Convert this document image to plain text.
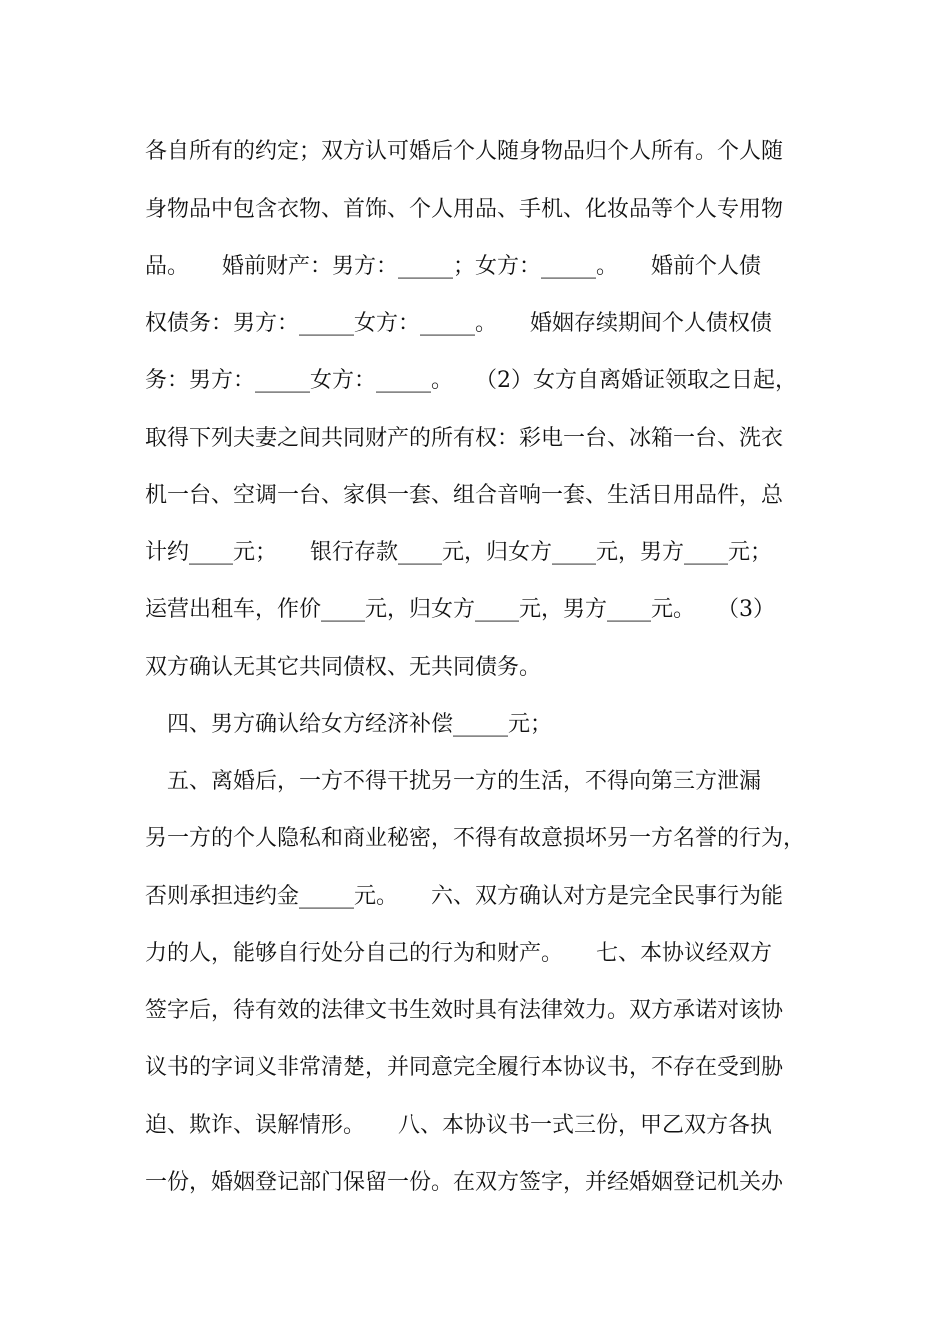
各自所有的约定；双方认可婚后个人随身物品归个人所有。个人随

身物品中包含衣物、首饰、个人用品、手机、化妆品等个人专用物

品。　　婚前财产：男方：_____；女方：_____。　　婚前个人债

权债务：男方：_____女方：_____。　　婚姻存续期间个人债权债

务：男方：_____女方：_____。　　（2）女方自离婚证领取之日起，

取得下列夫妻之间共同财产的所有权：彩电一台、冰箱一台、洗衣

机一台、空调一台、家俱一套、组合音响一套、生活日用品件，总

计约____元；　　银行存款____元，归女方____元，男方____元；

运营出租车，作价____元，归女方____元，男方____元。　　（3）

双方确认无其它共同债权、无共同债务。

　四、男方确认给女方经济补偿_____元；

　五、离婚后，一方不得干扰另一方的生活，不得向第三方泄漏

另一方的个人隐私和商业秘密，不得有故意损坏另一方名誉的行为，

否则承担违约金_____元。　　六、双方确认对方是完全民事行为能

力的人，能够自行处分自己的行为和财产。　　七、本协议经双方

签字后，待有效的法律文书生效时具有法律效力。双方承诺对该协

议书的字词义非常清楚，并同意完全履行本协议书，不存在受到胁

迫、欺诈、误解情形。　　八、本协议书一式三份，甲乙双方各执

一份，婚姻登记部门保留一份。在双方签字，并经婚姻登记机关办
